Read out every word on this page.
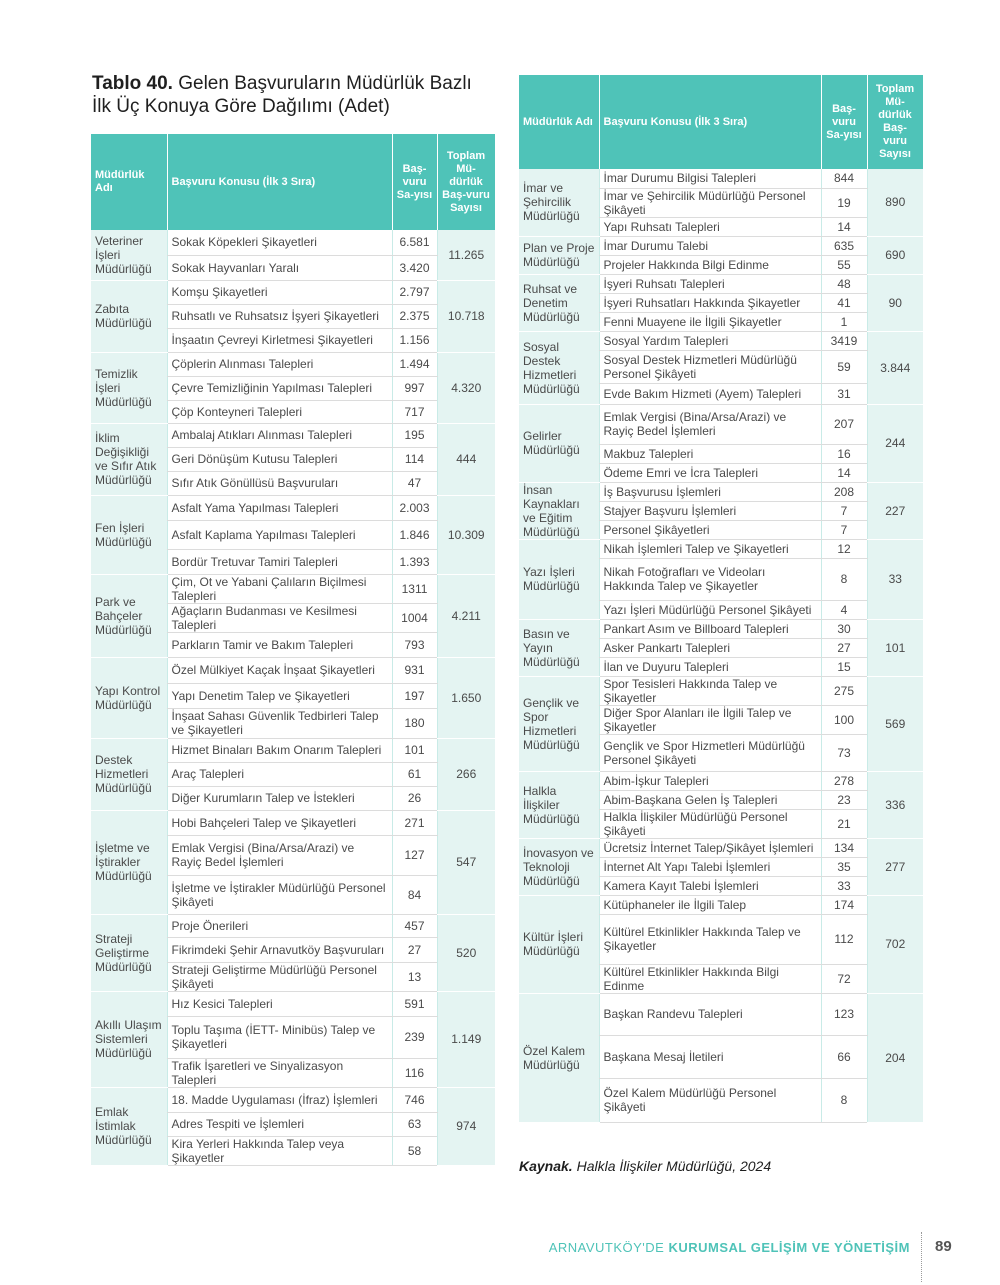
Tablo 40. Gelen Başvuruların Müdürlük Bazlı İlk Üç Konuya Göre Dağılımı (Adet)
Müdürlük Adı	Başvuru Konusu (İlk 3 Sıra)	Baş-vuru Sa-yısı	Toplam Mü-dürlük Baş-vuru Sayısı
Veteriner İşleri Müdürlüğü	Sokak Köpekleri Şikayetleri	6.581	11.265
	Sokak Hayvanları Yaralı	3.420	
Zabıta Müdürlüğü	Komşu Şikayetleri	2.797	10.718
	Ruhsatlı ve Ruhsatsız İşyeri Şikayetleri	2.375	
	İnşaatın Çevreyi Kirletmesi Şikayetleri	1.156	
Temizlik İşleri Müdürlüğü	Çöplerin Alınması Talepleri	1.494	4.320
	Çevre Temizliğinin Yapılması Talepleri	997	
	Çöp Konteyneri Talepleri	717	
İklim Değişikliği ve Sıfır Atık Müdürlüğü	Ambalaj Atıkları Alınması Talepleri	195	444
	Geri Dönüşüm Kutusu Talepleri	114	
	Sıfır Atık Gönüllüsü Başvuruları	47	
Fen İşleri Müdürlüğü	Asfalt Yama Yapılması Talepleri	2.003	10.309
	Asfalt Kaplama Yapılması Talepleri	1.846	
	Bordür Tretuvar Tamiri Talepleri	1.393	
Park ve Bahçeler Müdürlüğü	Çim, Ot ve Yabani Çalıların Biçilmesi Talepleri	1311	4.211
	Ağaçların Budanması ve Kesilmesi Talepleri	1004	
	Parkların Tamir ve Bakım Talepleri	793	
Yapı Kontrol Müdürlüğü	Özel Mülkiyet Kaçak İnşaat Şikayetleri	931	1.650
	Yapı Denetim Talep ve Şikayetleri	197	
	İnşaat Sahası Güvenlik Tedbirleri Talep ve Şikayetleri	180	
Destek Hizmetleri Müdürlüğü	Hizmet Binaları Bakım Onarım Talepleri	101	266
	Araç Talepleri	61	
	Diğer Kurumların Talep ve İstekleri	26	
İşletme ve İştirakler Müdürlüğü	Hobi Bahçeleri Talep ve Şikayetleri	271	547
	Emlak Vergisi (Bina/Arsa/Arazi) ve Rayiç Bedel İşlemleri	127	
	İşletme ve İştirakler Müdürlüğü Personel Şikâyeti	84	
Strateji Geliştirme Müdürlüğü	Proje Önerileri	457	520
	Fikrimdeki Şehir Arnavutköy Başvuruları	27	
	Strateji Geliştirme Müdürlüğü Personel Şikâyeti	13	
Akıllı Ulaşım Sistemleri Müdürlüğü	Hız Kesici Talepleri	591	1.149
	Toplu Taşıma (İETT- Minibüs) Talep ve Şikayetleri	239	
	Trafik İşaretleri ve Sinyalizasyon Talepleri	116	
Emlak İstimlak Müdürlüğü	18. Madde Uygulaması (İfraz) İşlemleri	746	974
	Adres Tespiti ve İşlemleri	63	
	Kira Yerleri Hakkında Talep veya Şikayetler	58	
Müdürlük Adı	Başvuru Konusu (İlk 3 Sıra)	Baş-vuru Sa-yısı	Toplam Mü-dürlük Baş-vuru Sayısı
İmar ve Şehircilik Müdürlüğü	İmar Durumu Bilgisi Talepleri	844	890
	İmar ve Şehircilik Müdürlüğü Personel Şikâyeti	19	
	Yapı Ruhsatı Talepleri	14	
Plan ve Proje Müdürlüğü	İmar Durumu Talebi	635	690
	Projeler Hakkında Bilgi Edinme	55	
Ruhsat ve Denetim Müdürlüğü	İşyeri Ruhsatı Talepleri	48	90
	İşyeri Ruhsatları Hakkında Şikayetler	41	
	Fenni Muayene ile İlgili Şikayetler	1	
Sosyal Destek Hizmetleri Müdürlüğü	Sosyal Yardım Talepleri	3419	3.844
	Sosyal Destek Hizmetleri Müdürlüğü Personel Şikâyeti	59	
	Evde Bakım Hizmeti (Ayem) Talepleri	31	
Gelirler Müdürlüğü	Emlak Vergisi (Bina/Arsa/Arazi) ve Rayiç Bedel İşlemleri	207	244
	Makbuz Talepleri	16	
	Ödeme Emri ve İcra Talepleri	14	
İnsan Kaynakları ve Eğitim Müdürlüğü	İş Başvurusu İşlemleri	208	227
	Stajyer Başvuru İşlemleri	7	
	Personel Şikâyetleri	7	
Yazı İşleri Müdürlüğü	Nikah İşlemleri Talep ve Şikayetleri	12	33
	Nikah Fotoğrafları ve Videoları Hakkında Talep ve Şikayetler	8	
	Yazı İşleri Müdürlüğü Personel Şikâyeti	4	
Basın ve Yayın Müdürlüğü	Pankart Asım ve Billboard Talepleri	30	101
	Asker Pankartı Talepleri	27	
	İlan ve Duyuru Talepleri	15	
Gençlik ve Spor Hizmetleri Müdürlüğü	Spor Tesisleri Hakkında Talep ve Şikayetler	275	569
	Diğer Spor Alanları ile İlgili Talep ve Şikayetler	100	
	Gençlik ve Spor Hizmetleri Müdürlüğü Personel Şikâyeti	73	
Halkla İlişkiler Müdürlüğü	Abim-İşkur Talepleri	278	336
	Abim-Başkana Gelen İş Talepleri	23	
	Halkla İlişkiler Müdürlüğü Personel Şikâyeti	21	
İnovasyon ve Teknoloji Müdürlüğü	Ücretsiz İnternet Talep/Şikâyet İşlemleri	134	277
	İnternet Alt Yapı Talebi İşlemleri	35	
	Kamera Kayıt Talebi İşlemleri	33	
Kültür İşleri Müdürlüğü	Kütüphaneler ile İlgili Talep	174	702
	Kültürel Etkinlikler Hakkında Talep ve Şikayetler	112	
	Kültürel Etkinlikler Hakkında Bilgi Edinme	72	
Özel Kalem Müdürlüğü	Başkan Randevu Talepleri	123	204
	Başkana Mesaj İletileri	66	
	Özel Kalem Müdürlüğü Personel Şikâyeti	8	
Kaynak. Halkla İlişkiler Müdürlüğü, 2024
ARNAVUTKÖY'DE KURUMSAL GELİŞİM VE YÖNETİŞİM 89
